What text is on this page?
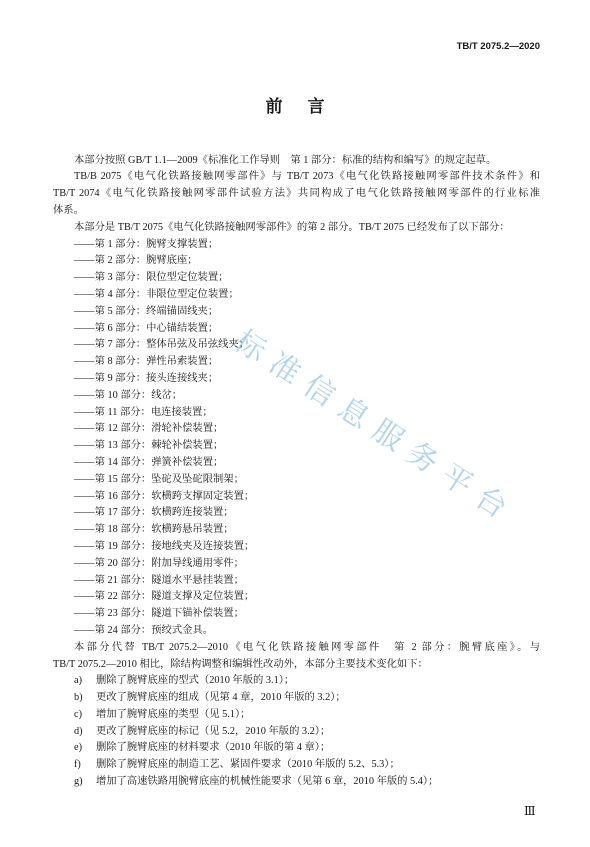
TB/T 2075.2—2020
前　言

本部分按照 GB/T 1.1—2009《标准化工作导则　第 1 部分：标准的结构和编写》的规定起草。

TB/B 2075《电气化铁路接触网零部件》与 TB/T 2073《电气化铁路接触网零部件技术条件》和
TB/T 2074《电气化铁路接触网零部件试验方法》共同构成了电气化铁路接触网零部件的行业标准
体系。

本部分是 TB/T 2075《电气化铁路接触网零部件》的第 2 部分。TB/T 2075 已经发布了以下部分：

——第 1 部分：腕臂支撑装置；
——第 2 部分：腕臂底座；
——第 3 部分：限位型定位装置；
——第 4 部分：非限位型定位装置；
——第 5 部分：终端锚固线夹；
——第 6 部分：中心锚结装置；
——第 7 部分：整体吊弦及吊弦线夹；
——第 8 部分：弹性吊索装置；
——第 9 部分：接头连接线夹；
——第 10 部分：线岔；
——第 11 部分：电连接装置；
——第 12 部分：滑轮补偿装置；
——第 13 部分：棘轮补偿装置；
——第 14 部分：弹簧补偿装置；
——第 15 部分：坠砣及坠砣限制架；
——第 16 部分：软横跨支撑固定装置；
——第 17 部分：软横跨连接装置；
——第 18 部分：软横跨悬吊装置；
——第 19 部分：接地线夹及连接装置；
——第 20 部分：附加导线通用零件；
——第 21 部分：隧道水平悬挂装置；
——第 22 部分：隧道支撑及定位装置；
——第 23 部分：隧道下锚补偿装置；
——第 24 部分：预绞式金具。
本部分代替 TB/T 2075.2—2010《电气化铁路接触网零部件　第 2 部分：腕臂底座》。与
TB/T 2075.2—2010 相比，除结构调整和编辑性改动外，本部分主要技术变化如下：
a) 删除了腕臂底座的型式（2010 年版的 3.1）；
b) 更改了腕臂底座的组成（见第 4 章，2010 年版的 3.2）；
c) 增加了腕臂底座的类型（见 5.1）；
d) 更改了腕臂底座的标记（见 5.2，2010 年版的 3.2）；
e) 删除了腕臂底座的材料要求（2010 年版的第 4 章）；
f) 删除了腕臂底座的制造工艺、紧固件要求（2010 年版的 5.2、5.3）；
g) 增加了高速铁路用腕臂底座的机械性能要求（见第 6 章，2010 年版的 5.4）；
标准信息服务平台
Ⅲ
